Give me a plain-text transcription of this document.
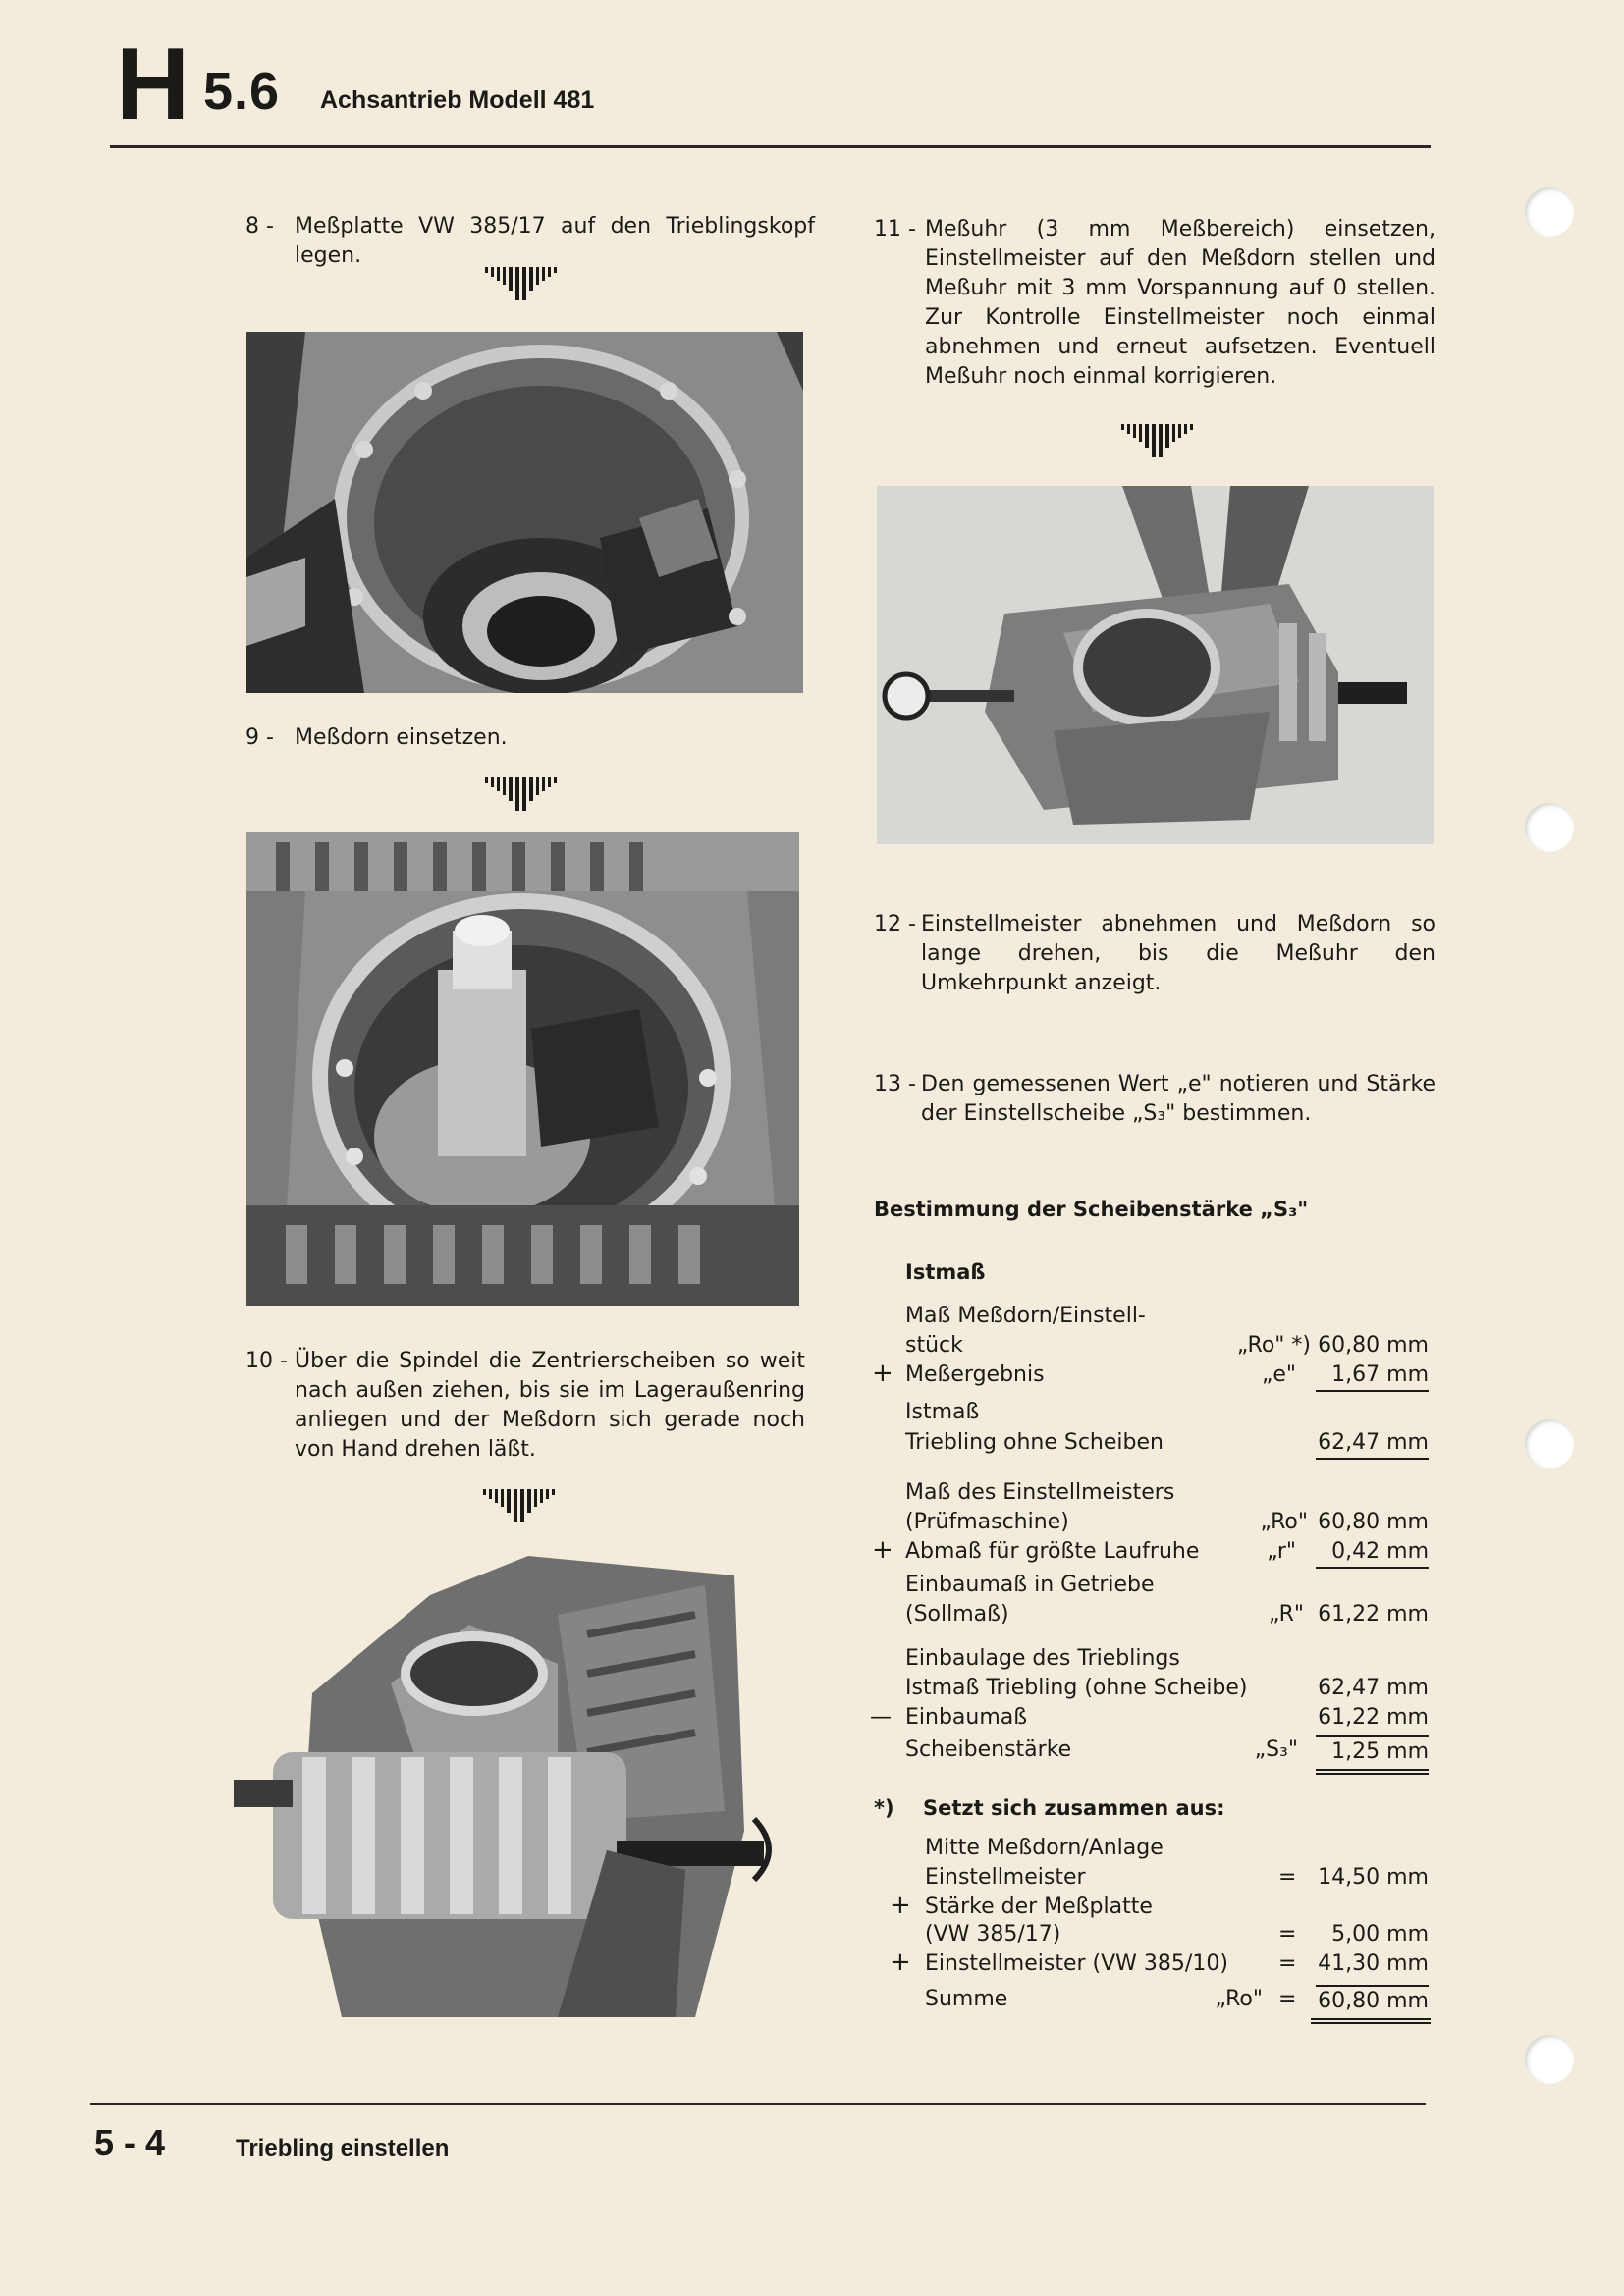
H 5.6 Achsantrieb Modell 481
8 - Meßplatte VW 385/17 auf den Trieblingskopf legen.
9 - Meßdorn einsetzen.
10 - Über die Spindel die Zentrierscheiben so weit nach außen ziehen, bis sie im Lageraußenring anliegen und der Meßdorn sich gerade noch von Hand drehen läßt.
11 - Meßuhr (3 mm Meßbereich) einsetzen, Einstellmeister auf den Meßdorn stellen und Meßuhr mit 3 mm Vorspannung auf 0 stellen. Zur Kontrolle Einstellmeister noch einmal abnehmen und erneut aufsetzen. Eventuell Meßuhr noch einmal korrigieren.
12 - Einstellmeister abnehmen und Meßdorn so lange drehen, bis die Meßuhr den Umkehrpunkt anzeigt.
13 - Den gemessenen Wert „e" notieren und Stärke der Einstellscheibe „S₃" bestimmen.
Bestimmung der Scheibenstärke „S₃"
Istmaß
Maß Meßdorn/Einstell-
stück	„Ro" *) 60,80 mm
+ Meßergebnis	„e"	1,67 mm
Istmaß
Triebling ohne Scheiben	62,47 mm
Maß des Einstellmeisters
(Prüfmaschine)	„Ro" 60,80 mm
+ Abmaß für größte Laufruhe	„r"	0,42 mm
Einbaumaß in Getriebe
(Sollmaß)	„R" 61,22 mm
Einbaulage des Trieblings
Istmaß Triebling (ohne Scheibe)	62,47 mm
— Einbaumaß	61,22 mm
Scheibenstärke	„S₃"	1,25 mm
*) Setzt sich zusammen aus:
Mitte Meßdorn/Anlage
Einstellmeister	= 14,50 mm
+ Stärke der Meßplatte
(VW 385/17)	=	5,00 mm
+ Einstellmeister (VW 385/10) = 41,30 mm
Summe	„Ro" = 60,80 mm
5 - 4	Triebling einstellen
